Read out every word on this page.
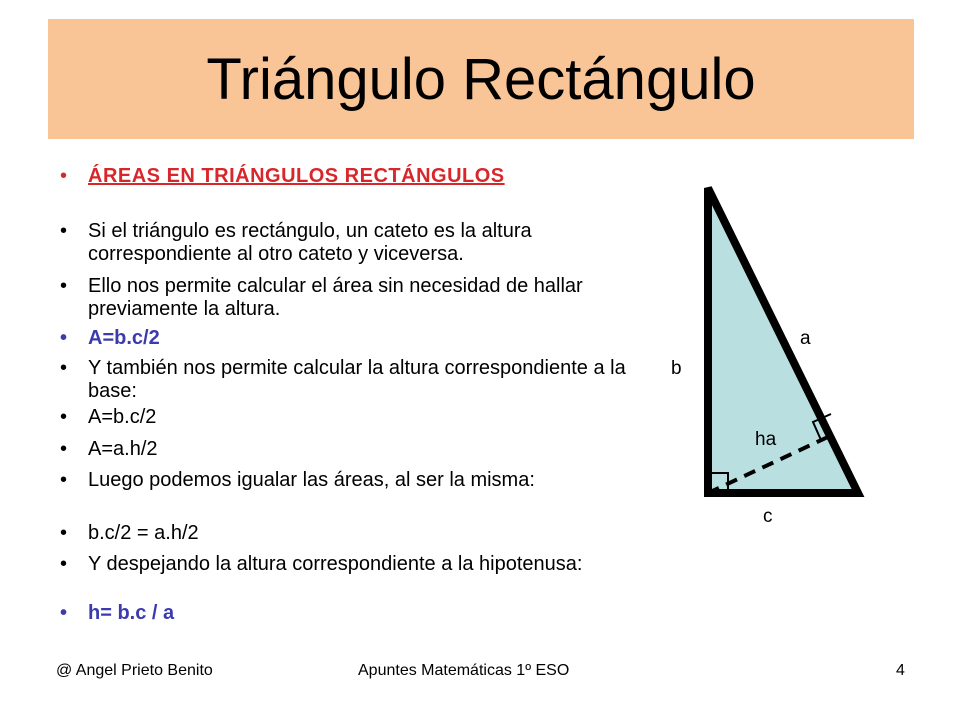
Triángulo Rectángulo
• ÁREAS EN TRIÁNGULOS RECTÁNGULOS
• Si el triángulo es rectángulo, un cateto es la altura correspondiente al otro cateto y viceversa.
• Ello nos permite calcular el área sin necesidad de hallar previamente la altura.
• A=b.c/2
• Y también nos permite calcular la altura correspondiente a la base:
• A=b.c/2
• A=a.h/2
• Luego podemos igualar las áreas, al ser la misma:
• b.c/2 = a.h/2
• Y despejando la altura correspondiente a la hipotenusa:
• h= b.c / a
a
b
c
ha
@ Angel Prieto Benito	Apuntes Matemáticas 1º ESO	4
